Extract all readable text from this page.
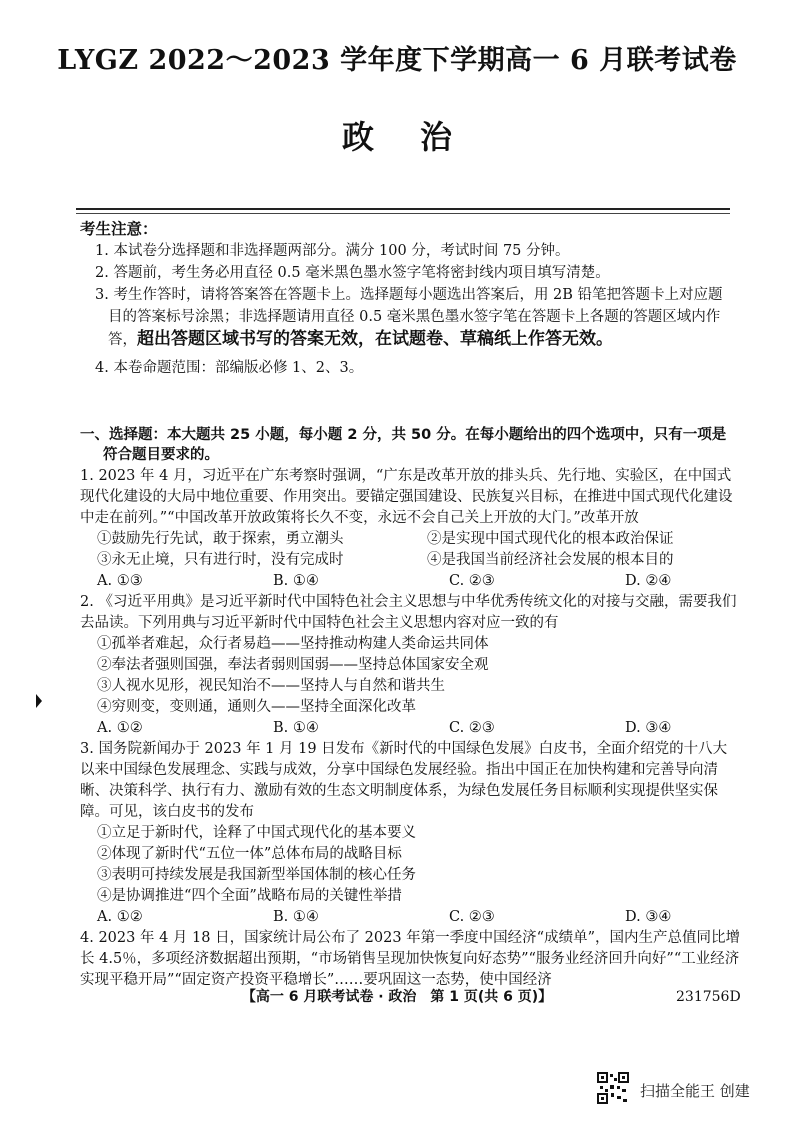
LYGZ 2022～2023 学年度下学期高一 6 月联考试卷
政治
考生注意：
1. 本试卷分选择题和非选择题两部分。满分 100 分，考试时间 75 分钟。
2. 答题前，考生务必用直径 0.5 毫米黑色墨水签字笔将密封线内项目填写清楚。
3. 考生作答时，请将答案答在答题卡上。选择题每小题选出答案后，用 2B 铅笔把答题卡上对应题目的答案标号涂黑；非选择题请用直径 0.5 毫米黑色墨水签字笔在答题卡上各题的答题区域内作答，超出答题区域书写的答案无效，在试题卷、草稿纸上作答无效。
4. 本卷命题范围：部编版必修 1、2、3。
一、选择题：本大题共 25 小题，每小题 2 分，共 50 分。在每小题给出的四个选项中，只有一项是
符合题目要求的。
1. 2023 年 4 月，习近平在广东考察时强调，“广东是改革开放的排头兵、先行地、实验区，在中国式现代化建设的大局中地位重要、作用突出。要锚定强国建设、民族复兴目标，在推进中国式现代化建设中走在前列。”“中国改革开放政策将长久不变，永远不会自己关上开放的大门。”改革开放
①鼓励先行先试，敢于探索，勇立潮头	②是实现中国式现代化的根本政治保证
③永无止境，只有进行时，没有完成时	④是我国当前经济社会发展的根本目的
A. ①③	B. ①④	C. ②③	D. ②④
2. 《习近平用典》是习近平新时代中国特色社会主义思想与中华优秀传统文化的对接与交融，需要我们去品读。下列用典与习近平新时代中国特色社会主义思想内容对应一致的有
①孤举者难起，众行者易趋——坚持推动构建人类命运共同体
②奉法者强则国强，奉法者弱则国弱——坚持总体国家安全观
③人视水见形，视民知治不——坚持人与自然和谐共生
④穷则变，变则通，通则久——坚持全面深化改革
A. ①②	B. ①④	C. ②③	D. ③④
3. 国务院新闻办于 2023 年 1 月 19 日发布《新时代的中国绿色发展》白皮书，全面介绍党的十八大以来中国绿色发展理念、实践与成效，分享中国绿色发展经验。指出中国正在加快构建和完善导向清晰、决策科学、执行有力、激励有效的生态文明制度体系，为绿色发展任务目标顺利实现提供坚实保障。可见，该白皮书的发布
①立足于新时代，诠释了中国式现代化的基本要义
②体现了新时代“五位一体”总体布局的战略目标
③表明可持续发展是我国新型举国体制的核心任务
④是协调推进“四个全面”战略布局的关键性举措
A. ①②	B. ①④	C. ②③	D. ③④
4. 2023 年 4 月 18 日，国家统计局公布了 2023 年第一季度中国经济“成绩单”，国内生产总值同比增长 4.5％，多项经济数据超出预期，“市场销售呈现加快恢复向好态势”“服务业经济回升向好”“工业经济实现平稳开局”“固定资产投资平稳增长”……要巩固这一态势，使中国经济
【高一 6 月联考试卷 · 政治　第 1 页(共 6 页)】	231756D
扫描全能王 创建
